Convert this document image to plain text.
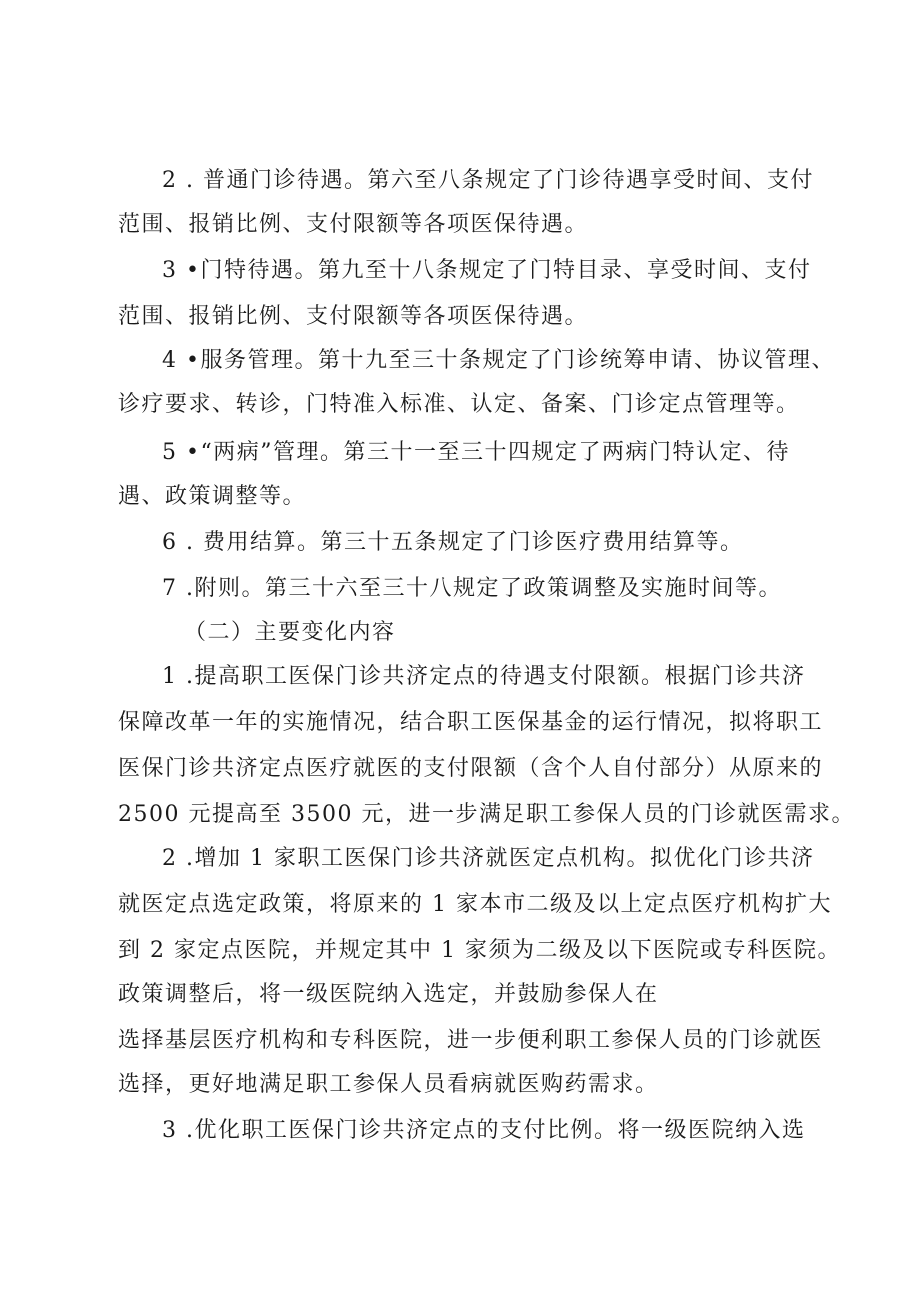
2 . 普通门诊待遇。第六至八条规定了门诊待遇享受时间、支付
范围、报销比例、支付限额等各项医保待遇。
3 •门特待遇。第九至十八条规定了门特目录、享受时间、支付
范围、报销比例、支付限额等各项医保待遇。
4 •服务管理。第十九至三十条规定了门诊统筹申请、协议管理、
诊疗要求、转诊，门特准入标准、认定、备案、门诊定点管理等。
5 •“两病”管理。第三十一至三十四规定了两病门特认定、待
遇、政策调整等。
6 . 费用结算。第三十五条规定了门诊医疗费用结算等。
7 .附则。第三十六至三十八规定了政策调整及实施时间等。
（二）主要变化内容
1 .提高职工医保门诊共济定点的待遇支付限额。根据门诊共济
保障改革一年的实施情况，结合职工医保基金的运行情况，拟将职工
医保门诊共济定点医疗就医的支付限额（含个人自付部分）从原来的
2500 元提高至 3500 元，进一步满足职工参保人员的门诊就医需求。
2 .增加 1 家职工医保门诊共济就医定点机构。拟优化门诊共济
就医定点选定政策，将原来的 1 家本市二级及以上定点医疗机构扩大
到 2 家定点医院，并规定其中 1 家须为二级及以下医院或专科医院。
政策调整后，将一级医院纳入选定，并鼓励参保人在
选择基层医疗机构和专科医院，进一步便利职工参保人员的门诊就医
选择，更好地满足职工参保人员看病就医购药需求。
3 .优化职工医保门诊共济定点的支付比例。将一级医院纳入选
